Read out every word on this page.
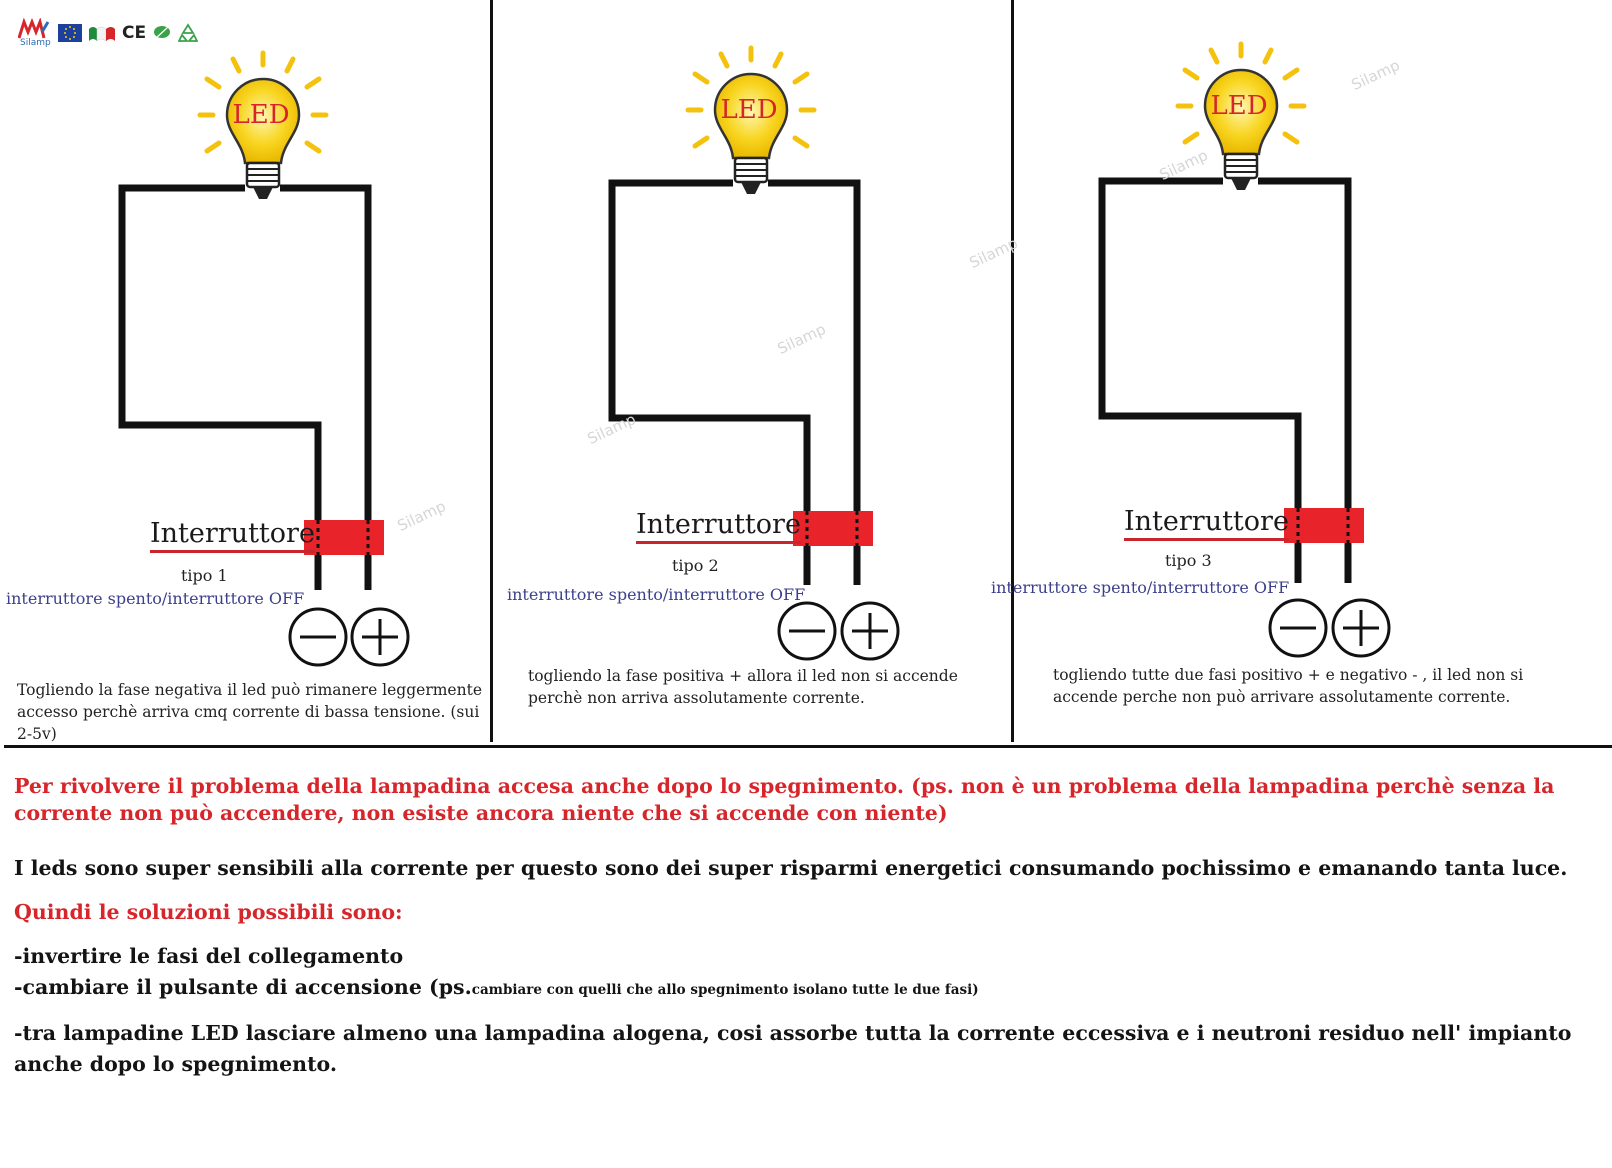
Silamp	CE
LED	LED	LED
Silamp
Silamp
Silamp
Silamp
Silamp
Silamp
Interruttore
tipo 1
interruttore spento/interruttore OFF
Togliendo la fase negativa il led può rimanere leggermente accesso perchè arriva cmq corrente di bassa tensione. (sui 2-5v)
Interruttore
tipo 2
interruttore spento/interruttore OFF
togliendo la fase positiva + allora il led non si accende perchè non arriva assolutamente corrente.
Interruttore
tipo 3
interruttore spento/interruttore OFF
togliendo tutte due fasi positivo + e negativo - , il led non si accende perche non può arrivare assolutamente corrente.
Per rivolvere il problema della lampadina accesa anche dopo lo spegnimento. (ps. non è un problema della lampadina perchè senza la corrente non può accendere, non esiste ancora niente che si accende con niente)
I leds sono super sensibili alla corrente per questo sono dei super risparmi energetici consumando pochissimo e emanando tanta luce.
Quindi le soluzioni possibili sono:
-invertire le fasi del collegamento
-cambiare il pulsante di accensione (ps.cambiare con quelli che allo spegnimento isolano tutte le due fasi)
-tra lampadine LED lasciare almeno una lampadina alogena, cosi assorbe tutta la corrente eccessiva e i neutroni residuo nell' impianto anche dopo lo spegnimento.
